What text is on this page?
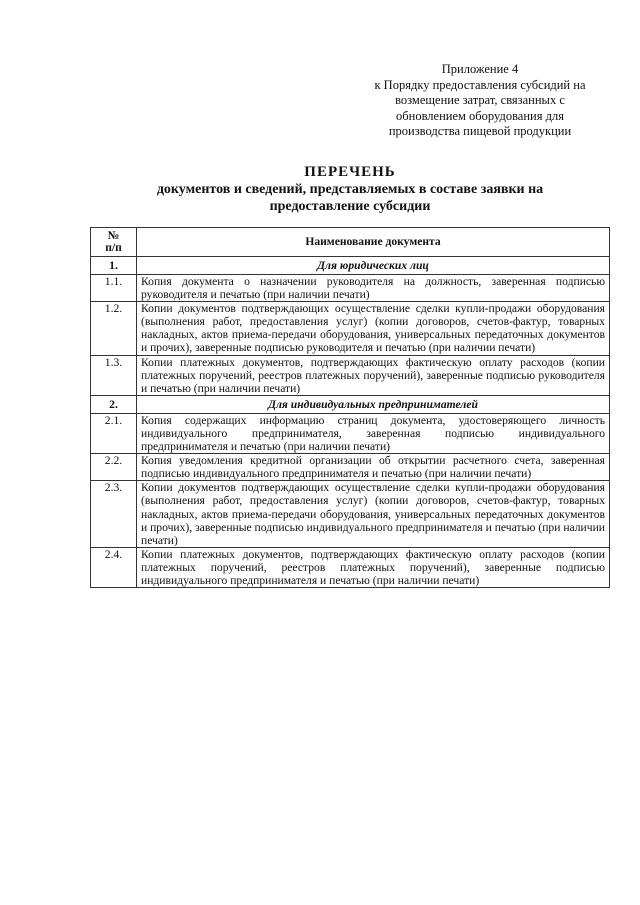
Приложение 4
к Порядку предоставления субсидий на
возмещение затрат, связанных с
обновлением оборудования для
производства пищевой продукции
ПЕРЕЧЕНЬ
документов и сведений, представляемых в составе заявки на
предоставление субсидии
№
п/п	Наименование документа
1.	Для юридических лиц
1.1.	Копия документа о назначении руководителя на должность, заверенная подписью руководителя и печатью (при наличии печати)
1.2.	Копии документов подтверждающих осуществление сделки купли-продажи оборудования (выполнения работ, предоставления услуг) (копии договоров, счетов-фактур, товарных накладных, актов приема-передачи оборудования, универсальных передаточных документов и прочих), заверенные подписью руководителя и печатью (при наличии печати)
1.3.	Копии платежных документов, подтверждающих фактическую оплату расходов (копии платежных поручений, реестров платежных поручений), заверенные подписью руководителя и печатью (при наличии печати)
2.	Для индивидуальных предпринимателей
2.1.	Копия содержащих информацию страниц документа, удостоверяющего личность индивидуального предпринимателя, заверенная подписью индивидуального предпринимателя и печатью (при наличии печати)
2.2.	Копия уведомления кредитной организации об открытии расчетного счета, заверенная подписью индивидуального предпринимателя и печатью (при наличии печати)
2.3.	Копии документов подтверждающих осуществление сделки купли-продажи оборудования (выполнения работ, предоставления услуг) (копии договоров, счетов-фактур, товарных накладных, актов приема-передачи оборудования, универсальных передаточных документов и прочих), заверенные подписью индивидуального предпринимателя и печатью (при наличии печати)
2.4.	Копии платежных документов, подтверждающих фактическую оплату расходов (копии платежных поручений, реестров платежных поручений), заверенные подписью индивидуального предпринимателя и печатью (при наличии печати)
